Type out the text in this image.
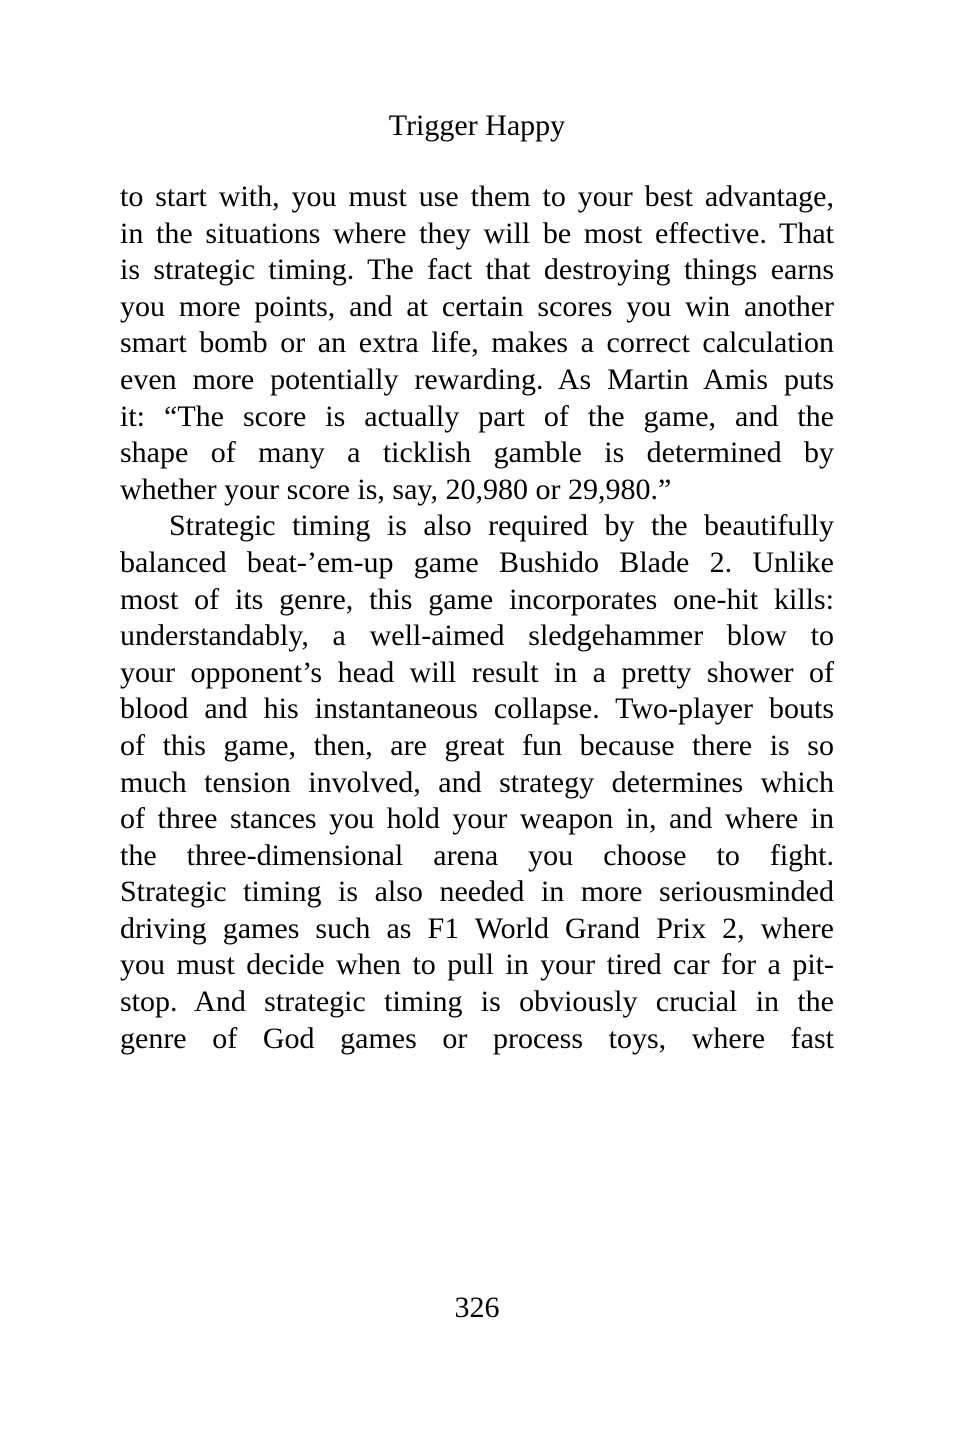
Trigger Happy
to start with, you must use them to your best advantage,
in the situations where they will be most effective. That
is strategic timing. The fact that destroying things earns
you more points, and at certain scores you win another
smart bomb or an extra life, makes a correct calculation
even more potentially rewarding. As Martin Amis puts
it: “The score is actually part of the game, and the
shape of many a ticklish gamble is determined by
whether your score is, say, 20,980 or 29,980.”
Strategic timing is also required by the beautifully
balanced beat-’em-up game Bushido Blade 2. Unlike
most of its genre, this game incorporates one-hit kills:
understandably, a well-aimed sledgehammer blow to
your opponent’s head will result in a pretty shower of
blood and his instantaneous collapse. Two-player bouts
of this game, then, are great fun because there is so
much tension involved, and strategy determines which
of three stances you hold your weapon in, and where in
the three-dimensional arena you choose to fight.
Strategic timing is also needed in more seriousminded
driving games such as F1 World Grand Prix 2, where
you must decide when to pull in your tired car for a pit-
stop. And strategic timing is obviously crucial in the
genre of God games or process toys, where fast
326
